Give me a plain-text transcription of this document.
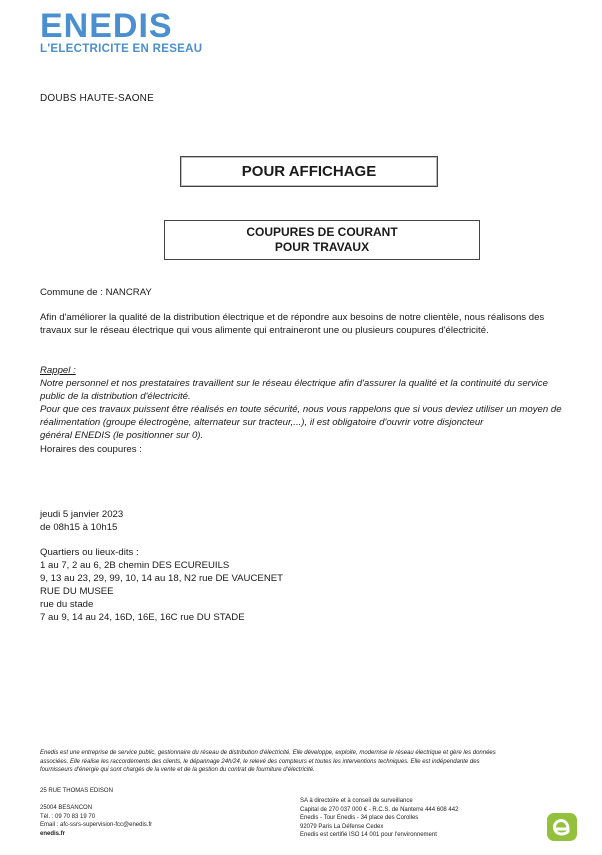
ENEDIS
L'ELECTRICITE EN RESEAU
DOUBS HAUTE-SAONE
POUR AFFICHAGE
COUPURES DE COURANT
POUR TRAVAUX
Commune de : NANCRAY
Afin d'améliorer la qualité de la distribution électrique et de répondre aux besoins de notre clientèle, nous réalisons des
travaux sur le réseau électrique qui vous alimente qui entraineront une ou plusieurs coupures d'électricité.
Rappel :
Notre personnel et nos prestataires travaillent sur le réseau électrique afin d'assurer la qualité et la continuité du service
public de la distribution d'électricité.
Pour que ces travaux puissent être réalisés en toute sécurité, nous vous rappelons que si vous deviez utiliser un moyen de
réalimentation (groupe électrogène, alternateur sur tracteur,...), il est obligatoire d'ouvrir votre disjoncteur
général ENEDIS (le positionner sur 0).
Horaires des coupures :
jeudi 5 janvier 2023
de 08h15 à 10h15
Quartiers ou lieux-dits :
1 au 7, 2 au 6, 2B chemin DES ECUREUILS
9, 13 au 23, 29, 99, 10, 14 au 18, N2 rue DE VAUCENET
RUE DU MUSEE
rue du stade
7 au 9, 14 au 24, 16D, 16E, 16C rue DU STADE
Enedis est une entreprise de service public, gestionnaire du réseau de distribution d'électricité. Elle développe, exploite, modernise le réseau électrique et gère les données
associées. Elle réalise les raccordements des clients, le dépannage 24h/24, le relevé des compteurs et toutes les interventions techniques. Elle est indépendante des
fournisseurs d'énergie qui sont chargés de la vente et de la gestion du contrat de fourniture d'électricité.
25 RUE THOMAS EDISON
25004 BESANCON
Tél. : 09 70 83 19 70
Email : afc-ssrs-supervision-fcc@enedis.fr
enedis.fr
SA à directoire et à conseil de surveillance
Capital de 270 037 000 € - R.C.S. de Nanterre 444 608 442
Enedis - Tour Enedis - 34 place des Corolles
92079 Paris La Défense Cedex
Enedis est certifié ISO 14 001 pour l'environnement
